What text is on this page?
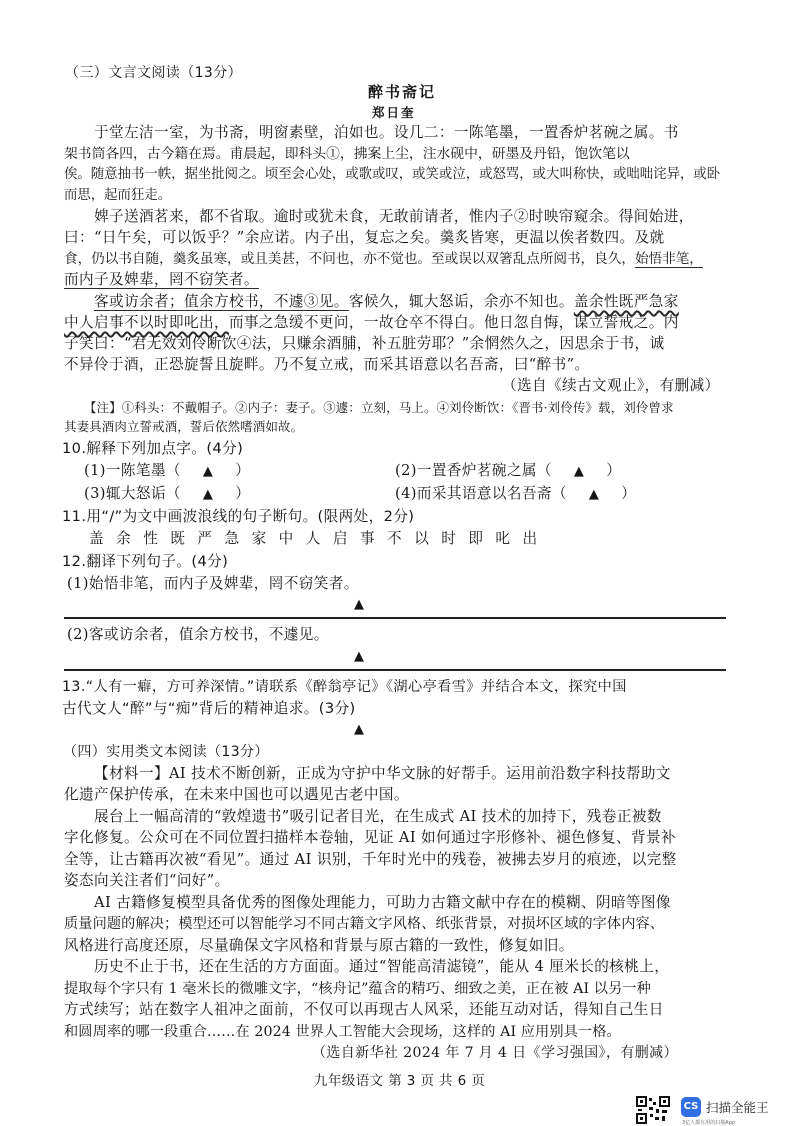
（三）文言文阅读（13分）
醉书斋记
郑日奎
于堂左洁一室，为书斋，明窗素壁，泊如也。设几二：一陈笔墨，一置香炉茗碗之属。书
架书筒各四，古今籍在焉。甫晨起，即科头①，拂案上尘，注水砚中，研墨及丹铅，饱饮笔以
俟。随意抽书一帙，据坐批阅之。顷至会心处，或歌或叹，或笑或泣，或怒骂，或大叫称快，或咄咄诧异，或卧而思，起而狂走。
婢子送酒茗来，都不省取。逾时或犹未食，无敢前请者，惟内子②时映帘窥余。得间始进，
曰：“日午矣，可以饭乎？”余应诺。内子出，复忘之矣。羹炙皆寒，更温以俟者数四。及就
食，仍以书自随，羹炙虽寒，或且美甚，不问也，亦不觉也。至或误以双箸乱点所阅书，良久，始悟非笔，
而内子及婢辈，罔不窃笑者。
客或访余者；值余方校书，不遽③见。客候久，辄大怒诟，余亦不知也。盖余性既严急家
中人启事不以时即叱出，而事之急缓不更问，一故仓卒不得白。他日忽自悔，谋立誓戒之。内
子笑曰：“君无效刘伶断饮④法，只赚余酒脯，补五脏劳耶？”余惘然久之，因思余于书，诚
不异伶于酒，正恐旋誓且旋畔。乃不复立戒，而采其语意以名吾斋，曰“醉书”。
（选自《续古文观止》，有删减）
【注】①科头：不戴帽子。②内子：妻子。③遽：立刻，马上。④刘伶断饮：《晋书·刘伶传》载，刘伶曾求
其妻具酒肉立誓戒酒，誓后依然嗜酒如故。
10.解释下列加点字。(4分)
(1)一陈笔墨（ ▲ ）	(2)一置香炉茗碗之属（ ▲ ）
(3)辄大怒诟（ ▲ ）	(4)而采其语意以名吾斋（ ▲ ）
11.用“/”为文中画波浪线的句子断句。(限两处，2分)
盖余性既严急家中人启事不以时即叱出
12.翻译下列句子。(4分)
(1)始悟非笔，而内子及婢辈，罔不窃笑者。
▲
(2)客或访余者，值余方校书，不遽见。
▲
13.“人有一癖，方可养深情。”请联系《醉翁亭记》《湖心亭看雪》并结合本文，探究中国
古代文人“醉”与“痴”背后的精神追求。(3分)
▲
（四）实用类文本阅读（13分）
【材料一】AI 技术不断创新，正成为守护中华文脉的好帮手。运用前沿数字科技帮助文
化遗产保护传承，在未来中国也可以遇见古老中国。
展台上一幅高清的“敦煌遗书”吸引记者目光，在生成式 AI 技术的加持下，残卷正被数
字化修复。公众可在不同位置扫描样本卷轴，见证 AI 如何通过字形修补、褪色修复、背景补
全等，让古籍再次被“看见”。通过 AI 识别，千年时光中的残卷，被拂去岁月的痕迹，以完整
姿态向关注者们“问好”。
AI 古籍修复模型具备优秀的图像处理能力，可助力古籍文献中存在的模糊、阴暗等图像
质量问题的解决；模型还可以智能学习不同古籍文字风格、纸张背景，对损坏区域的字体内容、
风格进行高度还原，尽量确保文字风格和背景与原古籍的一致性，修复如旧。
历史不止于书，还在生活的方方面面。通过“智能高清滤镜”，能从 4 厘米长的核桃上，
提取每个字只有 1 毫米长的微雕文字，“核舟记”蕴含的精巧、细致之美，正在被 AI 以另一种
方式续写；站在数字人祖冲之面前，不仅可以再现古人风采，还能互动对话，得知自己生日
和圆周率的哪一段重合……在 2024 世界人工智能大会现场，这样的 AI 应用别具一格。
（选自新华社 2024 年 7 月 4 日《学习强国》，有删减）
九年级语文 第 3 页 共 6 页
CS 扫描全能王
3亿人都在用的扫描App
